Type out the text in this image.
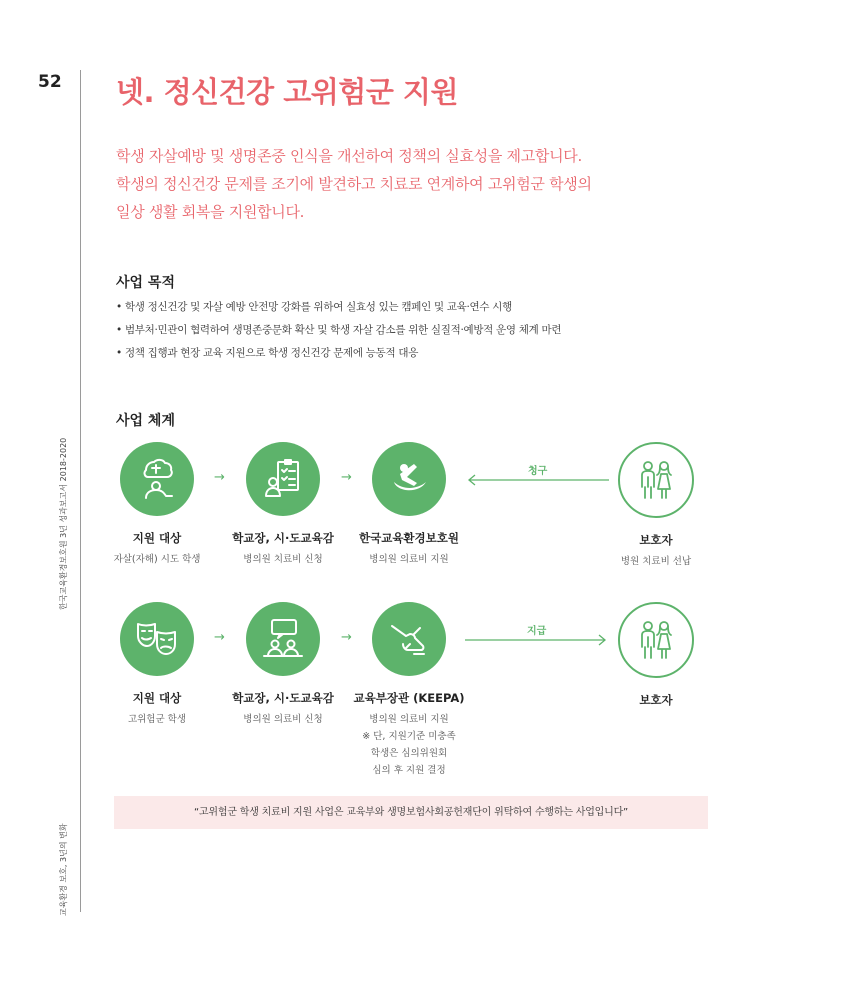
52
한국교육환경보호원 3년 성과보고서 2018-2020
교육환경 보호, 3년의 변화
넷. 정신건강 고위험군 지원
학생 자살예방 및 생명존중 인식을 개선하여 정책의 실효성을 제고합니다.
학생의 정신건강 문제를 조기에 발견하고 치료로 연계하여 고위험군 학생의
일상 생활 회복을 지원합니다.
사업 목적
• 학생 정신건강 및 자살 예방 안전망 강화를 위하여 실효성 있는 캠페인 및 교육·연수 시행
• 범부처·민관이 협력하여 생명존중문화 확산 및 학생 자살 감소를 위한 실질적·예방적 운영 체계 마련
• 정책 집행과 현장 교육 지원으로 학생 정신건강 문제에 능동적 대응
사업 체계
지원 대상
자살(자해) 시도 학생
→
학교장, 시·도교육감
병의원 치료비 신청
→
한국교육환경보호원
병의원 의료비 지원
청구
보호자
병원 치료비 선납
지원 대상
고위험군 학생
→
학교장, 시·도교육감
병의원 의료비 신청
→
교육부장관 (KEEPA)
병의원 의료비 지원
※ 단, 지원기준 미충족
학생은 심의위원회
심의 후 지원 결정
지급
보호자
“고위험군 학생 치료비 지원 사업은 교육부와 생명보험사회공헌재단이 위탁하여 수행하는 사업입니다”
